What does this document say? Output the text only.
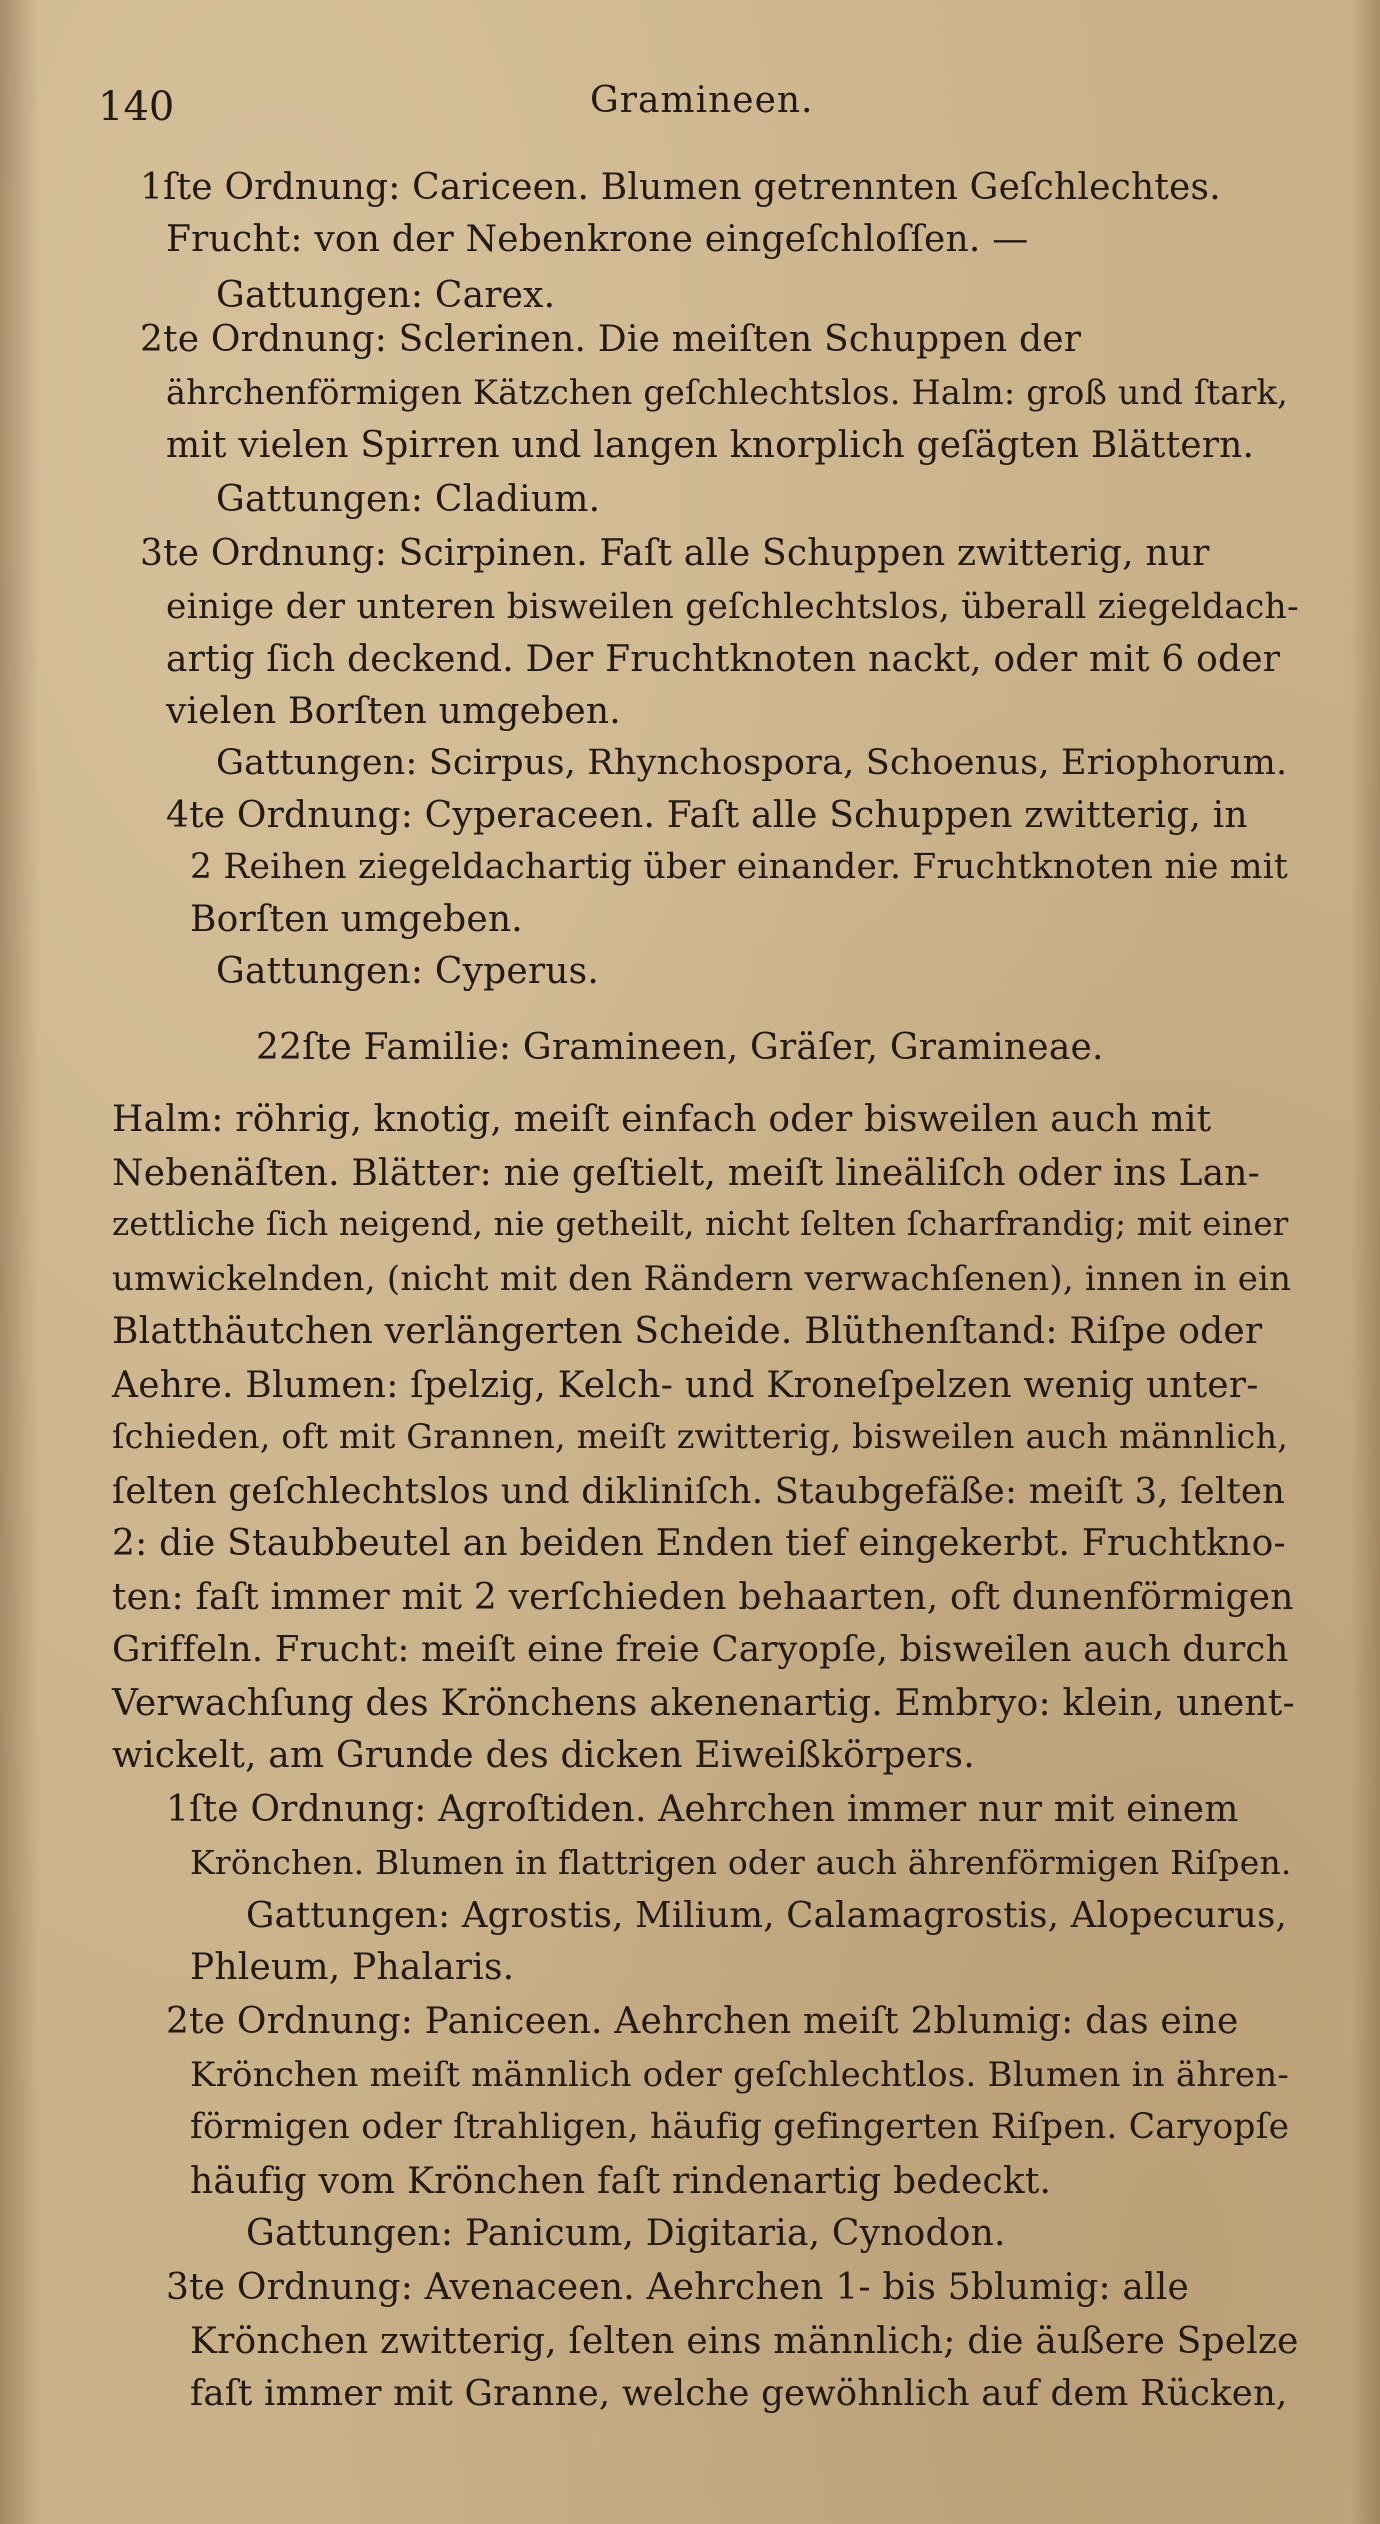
140	Gramineen.
1ſte Ordnung: Cariceen. Blumen getrennten Geſchlechtes.
Frucht: von der Nebenkrone eingeſchloſſen. —
Gattungen: Carex.
2te Ordnung: Sclerinen. Die meiſten Schuppen der
ährchenförmigen Kätzchen geſchlechtslos. Halm: groß und ſtark,
mit vielen Spirren und langen knorplich geſägten Blättern.
Gattungen: Cladium.
3te Ordnung: Scirpinen. Faſt alle Schuppen zwitterig, nur
einige der unteren bisweilen geſchlechtslos, überall ziegeldach-
artig ſich deckend. Der Fruchtknoten nackt, oder mit 6 oder
vielen Borſten umgeben.
Gattungen: Scirpus, Rhynchospora, Schoenus, Eriophorum.
4te Ordnung: Cyperaceen. Faſt alle Schuppen zwitterig, in
2 Reihen ziegeldachartig über einander. Fruchtknoten nie mit
Borſten umgeben.
Gattungen: Cyperus.
22ſte Familie: Gramineen, Gräſer, Gramineae.
Halm: röhrig, knotig, meiſt einfach oder bisweilen auch mit
Nebenäſten. Blätter: nie geſtielt, meiſt lineäliſch oder ins Lan-
zettliche ſich neigend, nie getheilt, nicht ſelten ſcharfrandig; mit einer
umwickelnden, (nicht mit den Rändern verwachſenen), innen in ein
Blatthäutchen verlängerten Scheide. Blüthenſtand: Riſpe oder
Aehre. Blumen: ſpelzig, Kelch- und Kroneſpelzen wenig unter-
ſchieden, oft mit Grannen, meiſt zwitterig, bisweilen auch männlich,
ſelten geſchlechtslos und dikliniſch. Staubgefäße: meiſt 3, ſelten
2: die Staubbeutel an beiden Enden tief eingekerbt. Fruchtkno-
ten: faſt immer mit 2 verſchieden behaarten, oft dunenförmigen
Griffeln. Frucht: meiſt eine freie Caryopſe, bisweilen auch durch
Verwachſung des Krönchens akenenartig. Embryo: klein, unent-
wickelt, am Grunde des dicken Eiweißkörpers.
1ſte Ordnung: Agroſtiden. Aehrchen immer nur mit einem
Krönchen. Blumen in flattrigen oder auch ährenförmigen Riſpen.
Gattungen: Agrostis, Milium, Calamagrostis, Alopecurus,
Phleum, Phalaris.
2te Ordnung: Paniceen. Aehrchen meiſt 2blumig: das eine
Krönchen meiſt männlich oder geſchlechtlos. Blumen in ähren-
förmigen oder ſtrahligen, häufig gefingerten Riſpen. Caryopſe
häufig vom Krönchen faſt rindenartig bedeckt.
Gattungen: Panicum, Digitaria, Cynodon.
3te Ordnung: Avenaceen. Aehrchen 1- bis 5blumig: alle
Krönchen zwitterig, ſelten eins männlich; die äußere Spelze
faſt immer mit Granne, welche gewöhnlich auf dem Rücken,
